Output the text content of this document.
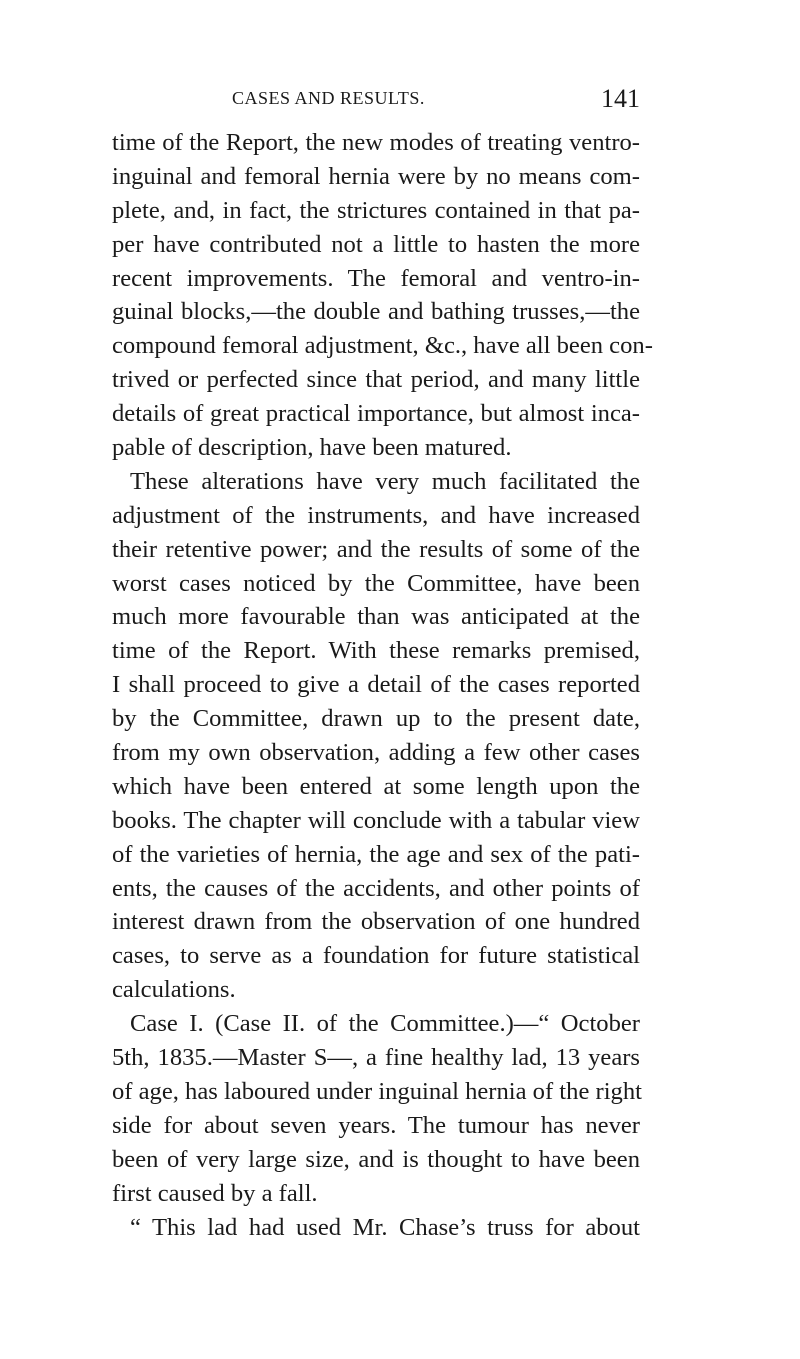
CASES AND RESULTS.	141
time of the Report, the new modes of treating ventro-
inguinal and femoral hernia were by no means com-
plete, and, in fact, the strictures contained in that pa-
per have contributed not a little to hasten the more
recent improvements. The femoral and ventro-in-
guinal blocks,—the double and bathing trusses,—the
compound femoral adjustment, &c., have all been con-
trived or perfected since that period, and many little
details of great practical importance, but almost inca-
pable of description, have been matured.
These alterations have very much facilitated the
adjustment of the instruments, and have increased
their retentive power; and the results of some of the
worst cases noticed by the Committee, have been
much more favourable than was anticipated at the
time of the Report. With these remarks premised,
I shall proceed to give a detail of the cases reported
by the Committee, drawn up to the present date,
from my own observation, adding a few other cases
which have been entered at some length upon the
books. The chapter will conclude with a tabular view
of the varieties of hernia, the age and sex of the pati-
ents, the causes of the accidents, and other points of
interest drawn from the observation of one hundred
cases, to serve as a foundation for future statistical
calculations.
Case I. (Case II. of the Committee.)—“ October
5th, 1835.—Master S—, a fine healthy lad, 13 years
of age, has laboured under inguinal hernia of the right
side for about seven years. The tumour has never
been of very large size, and is thought to have been
first caused by a fall.
“ This lad had used Mr. Chase’s truss for about
